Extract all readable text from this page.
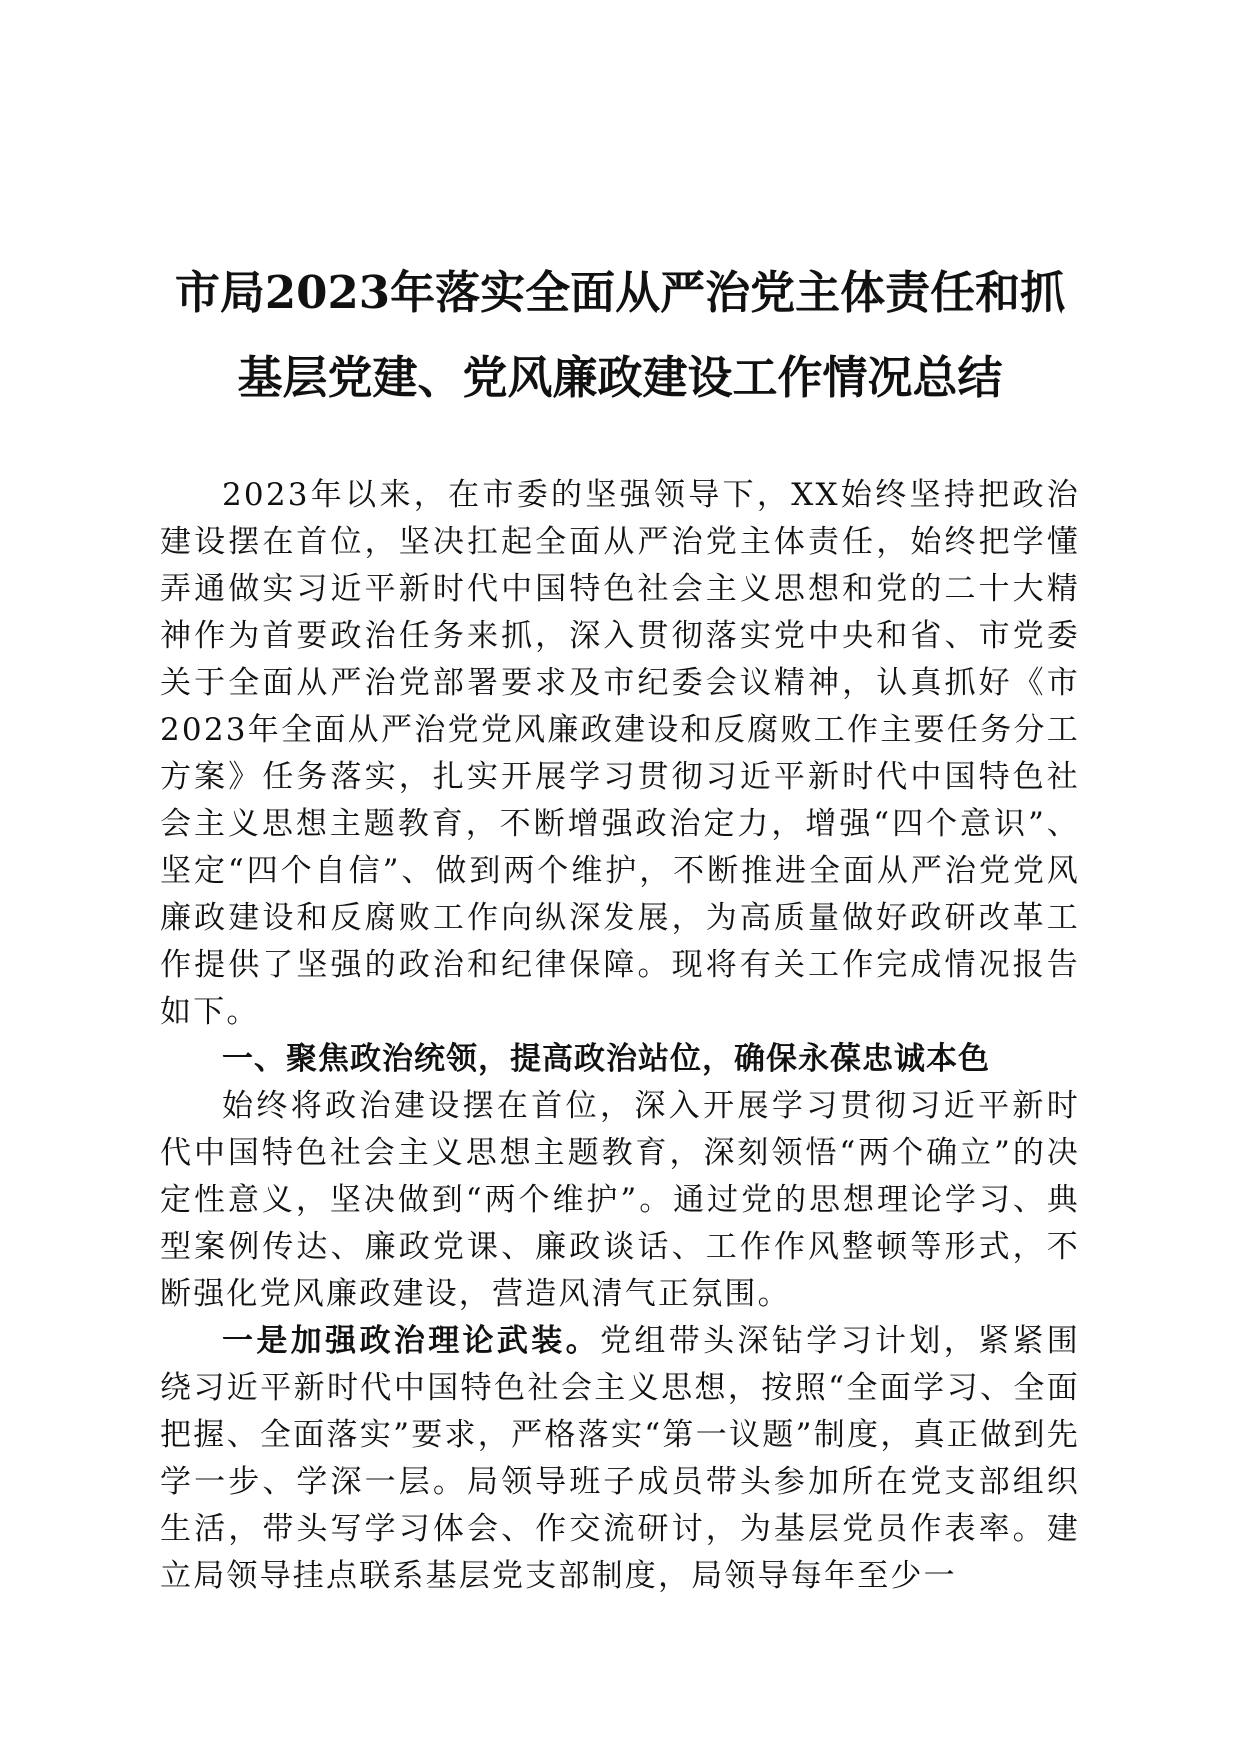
市局2023年落实全面从严治党主体责任和抓
基层党建、党风廉政建设工作情况总结

2023年以来，在市委的坚强领导下，XX始终坚持把政治建设摆在首位，坚决扛起全面从严治党主体责任，始终把学懂弄通做实习近平新时代中国特色社会主义思想和党的二十大精神作为首要政治任务来抓，深入贯彻落实党中央和省、市党委关于全面从严治党部署要求及市纪委会议精神，认真抓好《市2023年全面从严治党党风廉政建设和反腐败工作主要任务分工方案》任务落实，扎实开展学习贯彻习近平新时代中国特色社会主义思想主题教育，不断增强政治定力，增强“四个意识”、坚定“四个自信”、做到两个维护，不断推进全面从严治党党风廉政建设和反腐败工作向纵深发展，为高质量做好政研改革工作提供了坚强的政治和纪律保障。现将有关工作完成情况报告如下。

一、聚焦政治统领，提高政治站位，确保永葆忠诚本色

始终将政治建设摆在首位，深入开展学习贯彻习近平新时代中国特色社会主义思想主题教育，深刻领悟“两个确立”的决定性意义，坚决做到“两个维护”。通过党的思想理论学习、典型案例传达、廉政党课、廉政谈话、工作作风整顿等形式，不断强化党风廉政建设，营造风清气正氛围。

一是加强政治理论武装。党组带头深钻学习计划，紧紧围绕习近平新时代中国特色社会主义思想，按照“全面学习、全面把握、全面落实”要求，严格落实“第一议题”制度，真正做到先学一步、学深一层。局领导班子成员带头参加所在党支部组织生活，带头写学习体会、作交流研讨，为基层党员作表率。建立局领导挂点联系基层党支部制度，局领导每年至少一
